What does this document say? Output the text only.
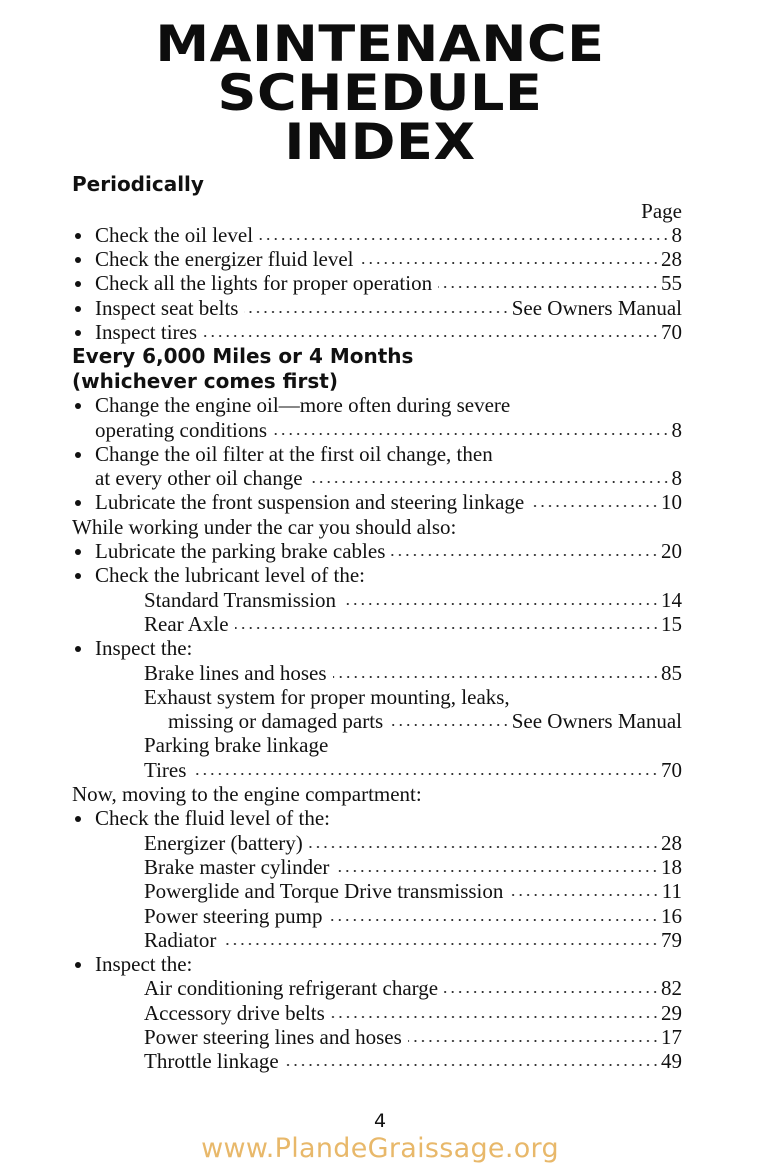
MAINTENANCE
SCHEDULE
INDEX
Periodically
Page
Check the oil level	8
Check the energizer fluid level	28
Check all the lights for proper operation	55
Inspect seat belts	See Owners Manual
Inspect tires	70
Every 6,000 Miles or 4 Months
(whichever comes first)
Change the engine oil—more often during severe
operating conditions	8
Change the oil filter at the first oil change, then
at every other oil change	8
Lubricate the front suspension and steering linkage	10
While working under the car you should also:
Lubricate the parking brake cables	20
Check the lubricant level of the:
Standard Transmission	14
Rear Axle	15
Inspect the:
Brake lines and hoses	85
Exhaust system for proper mounting, leaks,
missing or damaged parts	See Owners Manual
Parking brake linkage
Tires	70
Now, moving to the engine compartment:
Check the fluid level of the:
Energizer (battery)	28
Brake master cylinder	18
Powerglide and Torque Drive transmission	11
Power steering pump	16
Radiator	79
Inspect the:
Air conditioning refrigerant charge	82
Accessory drive belts	29
Power steering lines and hoses	17
Throttle linkage	49
4
www.PlandeGraissage.org
